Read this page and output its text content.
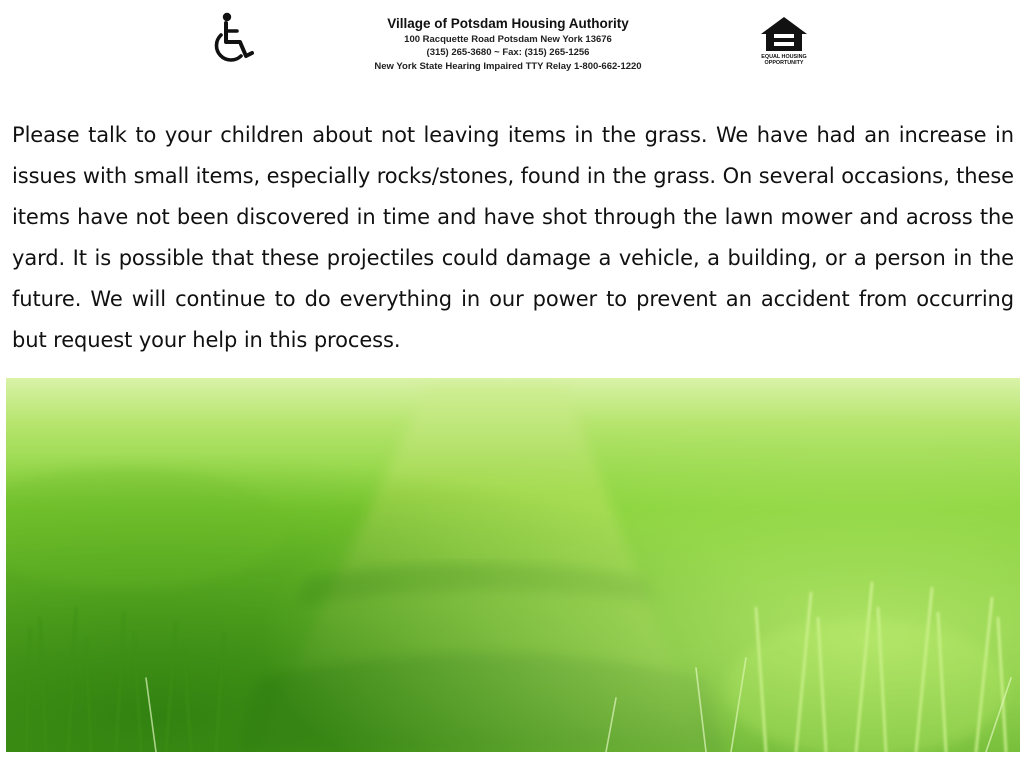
Village of Potsdam Housing Authority

100 Racquette Road Potsdam New York 13676

(315) 265-3680 ~ Fax: (315) 265-1256

New York State Hearing Impaired TTY Relay 1-800-662-1220

EQUAL HOUSING
OPPORTUNITY

Please talk to your children about not leaving items in the grass. We have had an increase in issues with small items, especially rocks/stones, found in the grass. On several occasions, these items have not been discovered in time and have shot through the lawn mower and across the yard. It is possible that these projectiles could damage a vehicle, a building, or a person in the future. We will continue to do everything in our power to prevent an accident from occurring but request your help in this process.
